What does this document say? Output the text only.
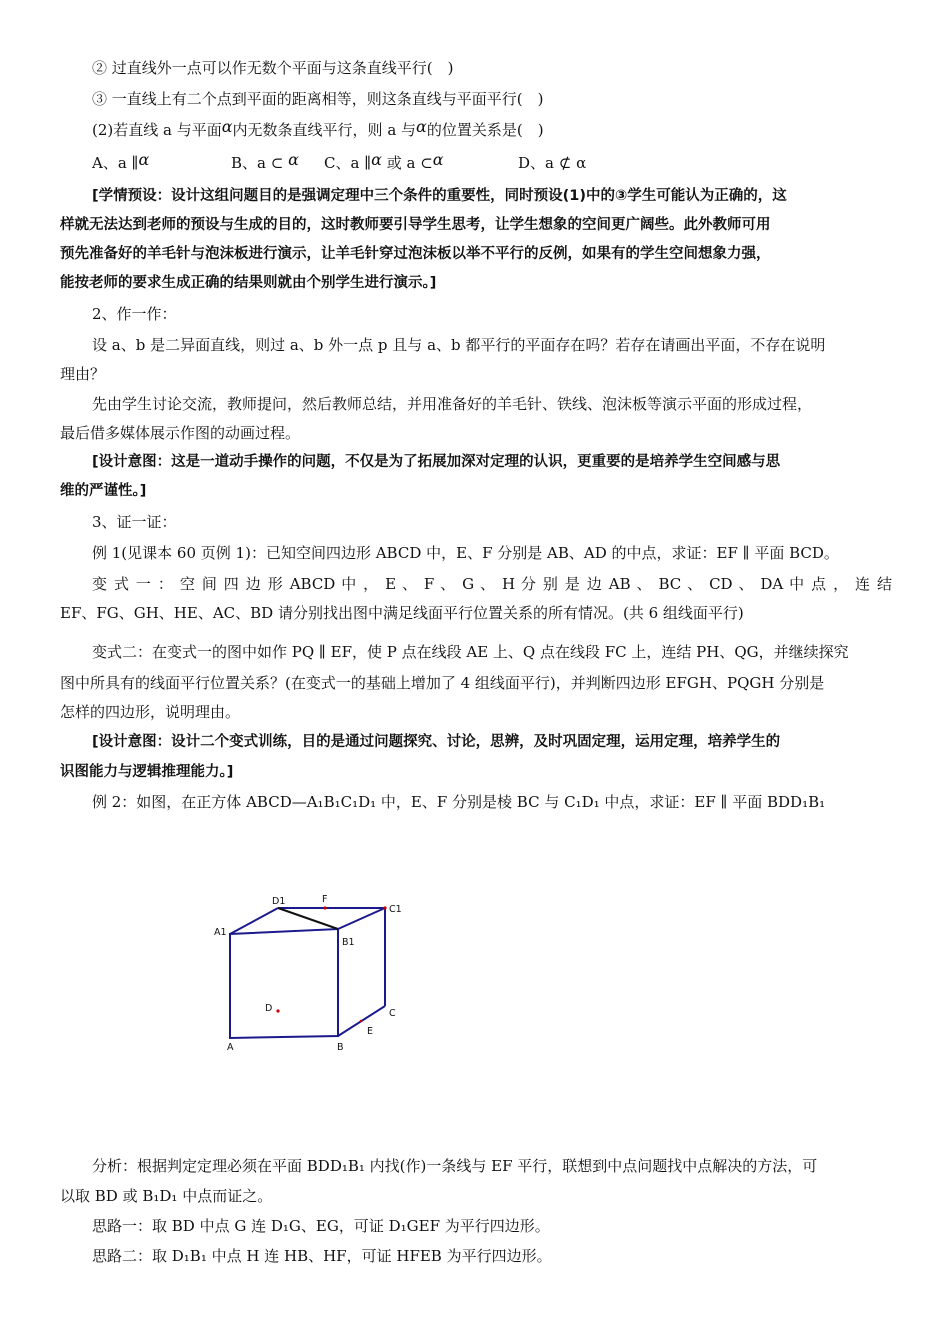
② 过直线外一点可以作无数个平面与这条直线平行(　)
③ 一直线上有二个点到平面的距离相等，则这条直线与平面平行(　)
(2)若直线 a 与平面α内无数条直线平行，则 a 与α的位置关系是(　)
A、a ∥α	B、a ⊂ α C、a ∥α 或 a ⊂α	D、a ⊄ α
[学情预设：设计这组问题目的是强调定理中三个条件的重要性，同时预设(1)中的③学生可能认为正确的，这
样就无法达到老师的预设与生成的目的，这时教师要引导学生思考，让学生想象的空间更广阔些。此外教师可用
预先准备好的羊毛针与泡沫板进行演示，让羊毛针穿过泡沫板以举不平行的反例，如果有的学生空间想象力强，
能按老师的要求生成正确的结果则就由个别学生进行演示。]
2、作一作：
设 a、b 是二异面直线，则过 a、b 外一点 p 且与 a、b 都平行的平面存在吗？若存在请画出平面，不存在说明
理由？
先由学生讨论交流，教师提问，然后教师总结，并用准备好的羊毛针、铁线、泡沫板等演示平面的形成过程，
最后借多媒体展示作图的动画过程。
[设计意图：这是一道动手操作的问题，不仅是为了拓展加深对定理的认识，更重要的是培养学生空间感与思
维的严谨性。]
3、证一证：
例 1(见课本 60 页例 1)：已知空间四边形 ABCD 中，E、F 分别是 AB、AD 的中点，求证：EF ∥ 平面 BCD。
变 式 一 ： 空 间 四 边 形 ABCD 中 ， E 、 F 、 G 、 H 分 别 是 边 AB 、 BC 、 CD 、 DA 中 点 ， 连 结
EF、FG、GH、HE、AC、BD 请分别找出图中满足线面平行位置关系的所有情况。(共 6 组线面平行)
变式二：在变式一的图中如作 PQ ∥ EF，使 P 点在线段 AE 上、Q 点在线段 FC 上，连结 PH、QG，并继续探究
图中所具有的线面平行位置关系？(在变式一的基础上增加了 4 组线面平行)，并判断四边形 EFGH、PQGH 分别是
怎样的四边形，说明理由。
[设计意图：设计二个变式训练，目的是通过问题探究、讨论，思辨，及时巩固定理，运用定理，培养学生的
识图能力与逻辑推理能力。]
例 2：如图，在正方体 ABCD—A₁B₁C₁D₁ 中，E、F 分别是棱 BC 与 C₁D₁ 中点，求证：EF ∥ 平面 BDD₁B₁
D1	F
C1
A1
B1
D	C
E
A	B
分析：根据判定定理必须在平面 BDD₁B₁ 内找(作)一条线与 EF 平行，联想到中点问题找中点解决的方法，可
以取 BD 或 B₁D₁ 中点而证之。
思路一：取 BD 中点 G 连 D₁G、EG，可证 D₁GEF 为平行四边形。
思路二：取 D₁B₁ 中点 H 连 HB、HF，可证 HFEB 为平行四边形。
